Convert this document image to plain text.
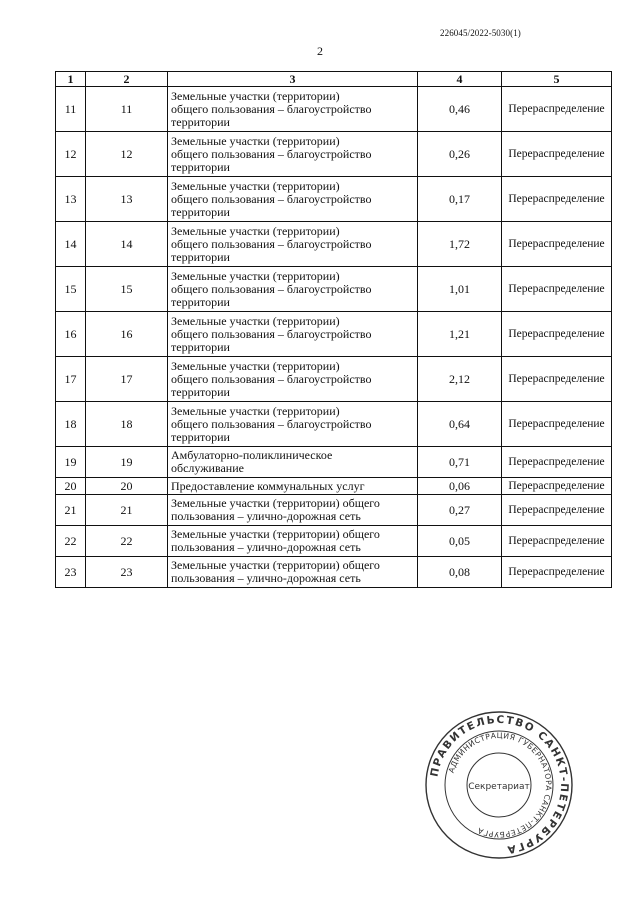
226045/2022-5030(1)
2
1	2	3	4	5
11	11	Земельные участки (территории)
общего пользования – благоустройство
территории	0,46	Перераспределение
12	12	Земельные участки (территории)
общего пользования – благоустройство
территории	0,26	Перераспределение
13	13	Земельные участки (территории)
общего пользования – благоустройство
территории	0,17	Перераспределение
14	14	Земельные участки (территории)
общего пользования – благоустройство
территории	1,72	Перераспределение
15	15	Земельные участки (территории)
общего пользования – благоустройство
территории	1,01	Перераспределение
16	16	Земельные участки (территории)
общего пользования – благоустройство
территории	1,21	Перераспределение
17	17	Земельные участки (территории)
общего пользования – благоустройство
территории	2,12	Перераспределение
18	18	Земельные участки (территории)
общего пользования – благоустройство
территории	0,64	Перераспределение
19	19	Амбулаторно-поликлиническое
обслуживание	0,71	Перераспределение
20	20	Предоставление коммунальных услуг	0,06	Перераспределение
21	21	Земельные участки (территории) общего
пользования – улично-дорожная сеть	0,27	Перераспределение
22	22	Земельные участки (территории) общего
пользования – улично-дорожная сеть	0,05	Перераспределение
23	23	Земельные участки (территории) общего
пользования – улично-дорожная сеть	0,08	Перераспределение
ПРАВИТЕЛЬСТВО САНКТ-ПЕТЕРБУРГА
АДМИНИСТРАЦИЯ ГУБЕРНАТОРА САНКТ-ПЕТЕРБУРГА
Секретариат
